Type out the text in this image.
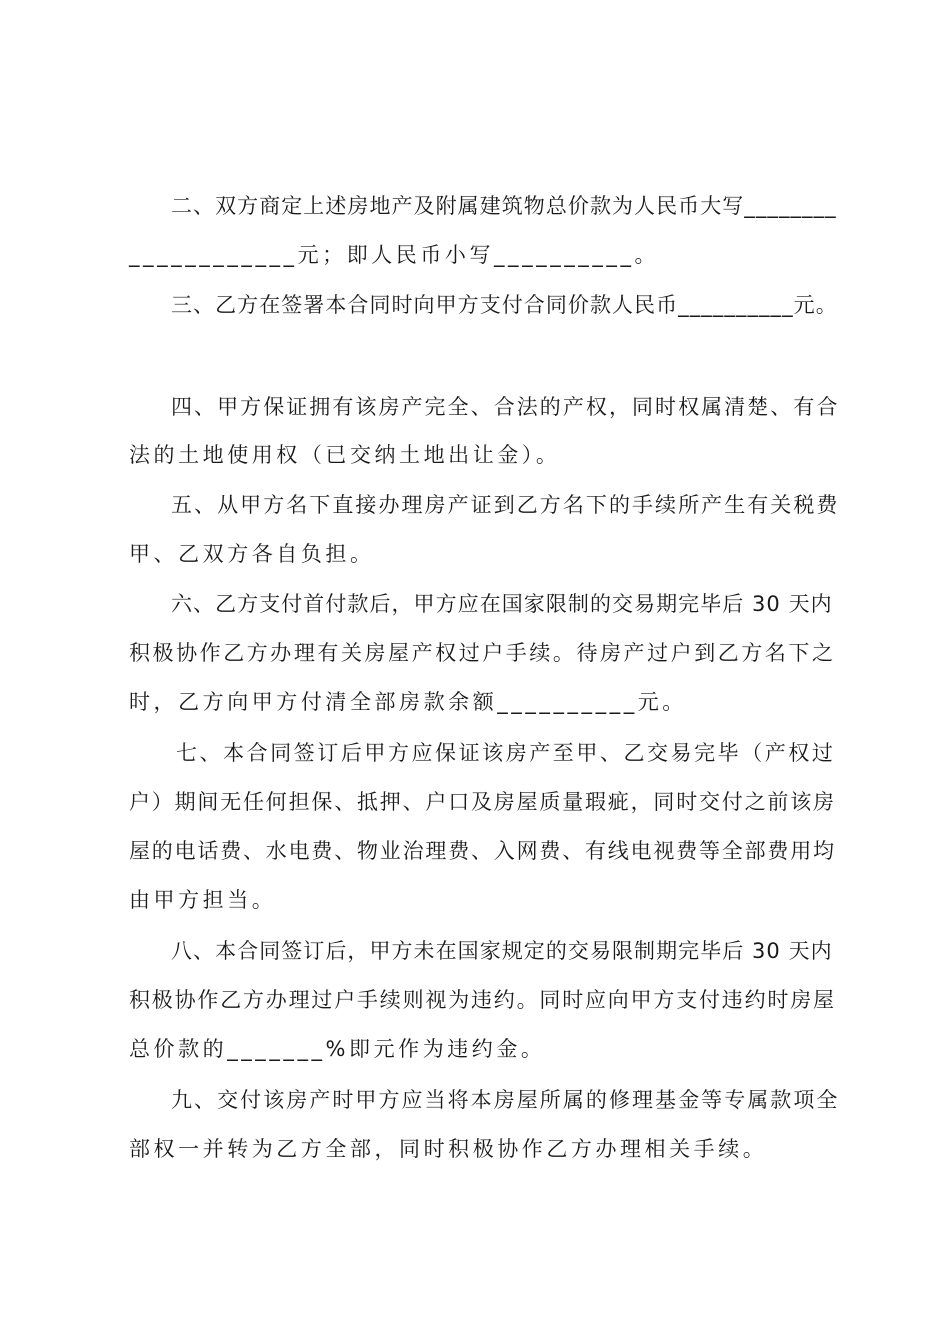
二、双方商定上述房地产及附属建筑物总价款为人民币大写________
____________元；即人民币小写__________。
三、乙方在签署本合同时向甲方支付合同价款人民币__________元。
四、甲方保证拥有该房产完全、合法的产权，同时权属清楚、有合
法的土地使用权（已交纳土地出让金）。
五、从甲方名下直接办理房产证到乙方名下的手续所产生有关税费
甲、乙双方各自负担。
六、乙方支付首付款后，甲方应在国家限制的交易期完毕后 30 天内
积极协作乙方办理有关房屋产权过户手续。待房产过户到乙方名下之
时，乙方向甲方付清全部房款余额__________元。
七、本合同签订后甲方应保证该房产至甲、乙交易完毕（产权过
户）期间无任何担保、抵押、户口及房屋质量瑕疵，同时交付之前该房
屋的电话费、水电费、物业治理费、入网费、有线电视费等全部费用均
由甲方担当。
八、本合同签订后，甲方未在国家规定的交易限制期完毕后 30 天内
积极协作乙方办理过户手续则视为违约。同时应向甲方支付违约时房屋
总价款的_______%即元作为违约金。
九、交付该房产时甲方应当将本房屋所属的修理基金等专属款项全
部权一并转为乙方全部，同时积极协作乙方办理相关手续。
